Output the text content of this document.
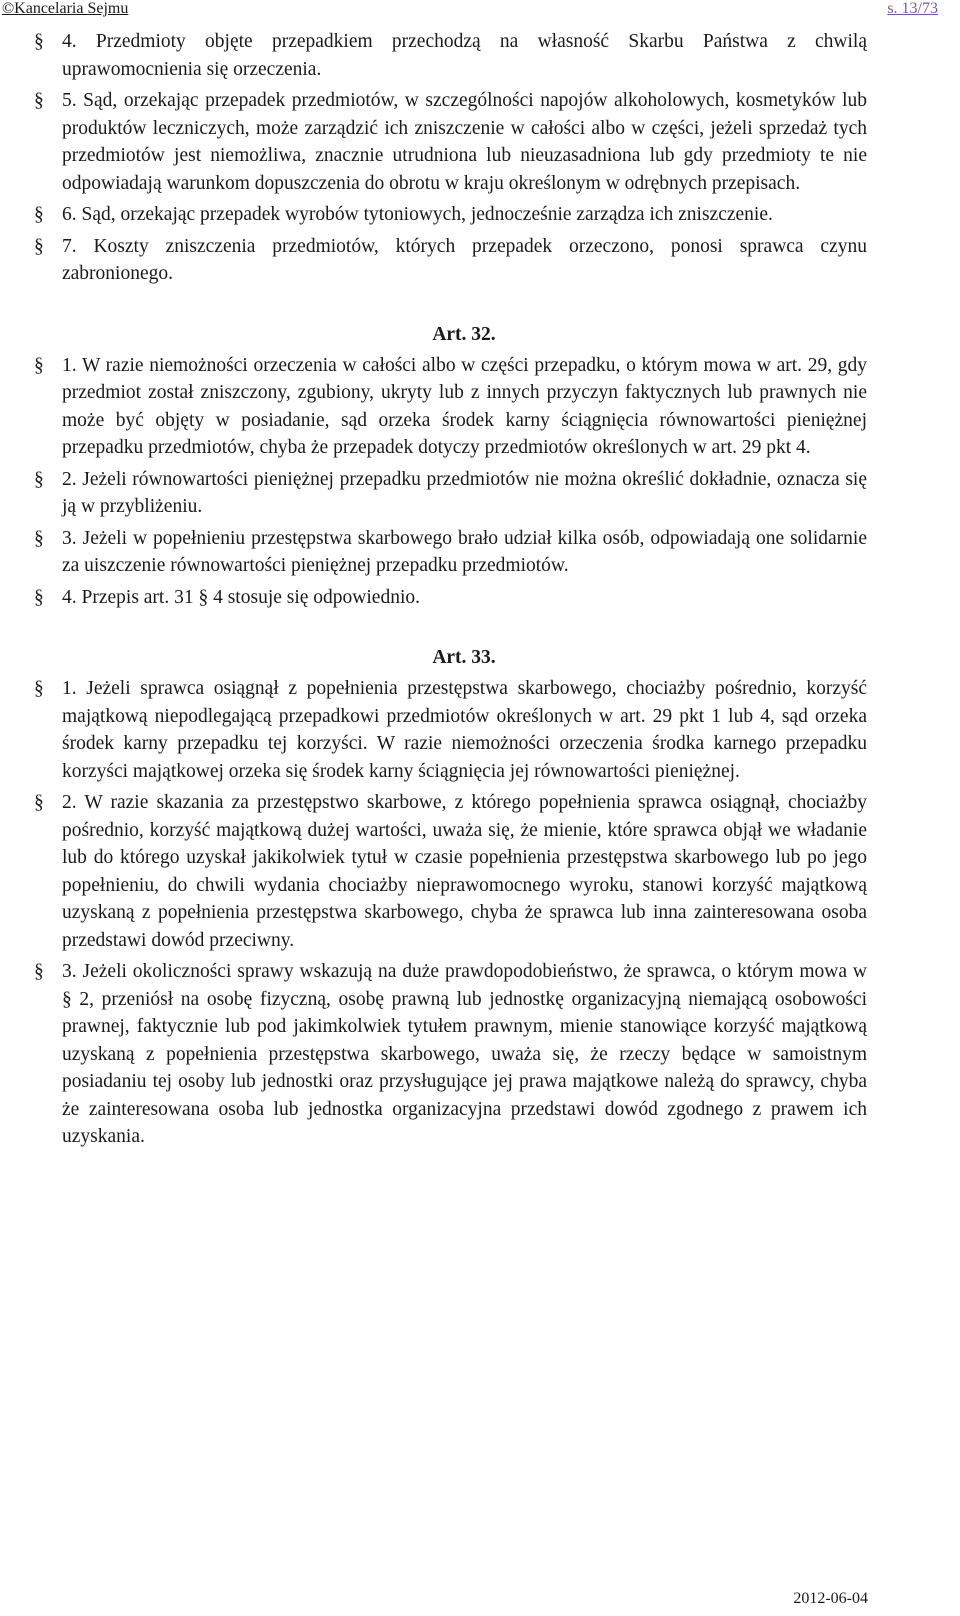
©Kancelaria Sejmu	s. 13/73
§ 4. Przedmioty objęte przepadkiem przechodzą na własność Skarbu Państwa z chwilą uprawomocnienia się orzeczenia.
§ 5. Sąd, orzekając przepadek przedmiotów, w szczególności napojów alkoholowych, kosmetyków lub produktów leczniczych, może zarządzić ich zniszczenie w całości albo w części, jeżeli sprzedaż tych przedmiotów jest niemożliwa, znacznie utrudniona lub nieuzasadniona lub gdy przedmioty te nie odpowiadają warunkom dopuszczenia do obrotu w kraju określonym w odrębnych przepisach.
§ 6. Sąd, orzekając przepadek wyrobów tytoniowych, jednocześnie zarządza ich zniszczenie.
§ 7. Koszty zniszczenia przedmiotów, których przepadek orzeczono, ponosi sprawca czynu zabronionego.
Art. 32.
§ 1. W razie niemożności orzeczenia w całości albo w części przepadku, o którym mowa w art. 29, gdy przedmiot został zniszczony, zgubiony, ukryty lub z innych przyczyn faktycznych lub prawnych nie może być objęty w posiadanie, sąd orzeka środek karny ściągnięcia równowartości pieniężnej przepadku przedmiotów, chyba że przepadek dotyczy przedmiotów określonych w art. 29 pkt 4.
§ 2. Jeżeli równowartości pieniężnej przepadku przedmiotów nie można określić dokładnie, oznacza się ją w przybliżeniu.
§ 3. Jeżeli w popełnieniu przestępstwa skarbowego brało udział kilka osób, odpowiadają one solidarnie za uiszczenie równowartości pieniężnej przepadku przedmiotów.
§ 4. Przepis art. 31 § 4 stosuje się odpowiednio.
Art. 33.
§ 1. Jeżeli sprawca osiągnął z popełnienia przestępstwa skarbowego, chociażby pośrednio, korzyść majątkową niepodlegającą przepadkowi przedmiotów określonych w art. 29 pkt 1 lub 4, sąd orzeka środek karny przepadku tej korzyści. W razie niemożności orzeczenia środka karnego przepadku korzyści majątkowej orzeka się środek karny ściągnięcia jej równowartości pieniężnej.
§ 2. W razie skazania za przestępstwo skarbowe, z którego popełnienia sprawca osiągnął, chociażby pośrednio, korzyść majątkową dużej wartości, uważa się, że mienie, które sprawca objął we władanie lub do którego uzyskał jakikolwiek tytuł w czasie popełnienia przestępstwa skarbowego lub po jego popełnieniu, do chwili wydania chociażby nieprawomocnego wyroku, stanowi korzyść majątkową uzyskaną z popełnienia przestępstwa skarbowego, chyba że sprawca lub inna zainteresowana osoba przedstawi dowód przeciwny.
§ 3. Jeżeli okoliczności sprawy wskazują na duże prawdopodobieństwo, że sprawca, o którym mowa w § 2, przeniósł na osobę fizyczną, osobę prawną lub jednostkę organizacyjną niemającą osobowości prawnej, faktycznie lub pod jakimkolwiek tytułem prawnym, mienie stanowiące korzyść majątkową uzyskaną z popełnienia przestępstwa skarbowego, uważa się, że rzeczy będące w samoistnym posiadaniu tej osoby lub jednostki oraz przysługujące jej prawa majątkowe należą do sprawcy, chyba że zainteresowana osoba lub jednostka organizacyjna przedstawi dowód zgodnego z prawem ich uzyskania.
2012-06-04
